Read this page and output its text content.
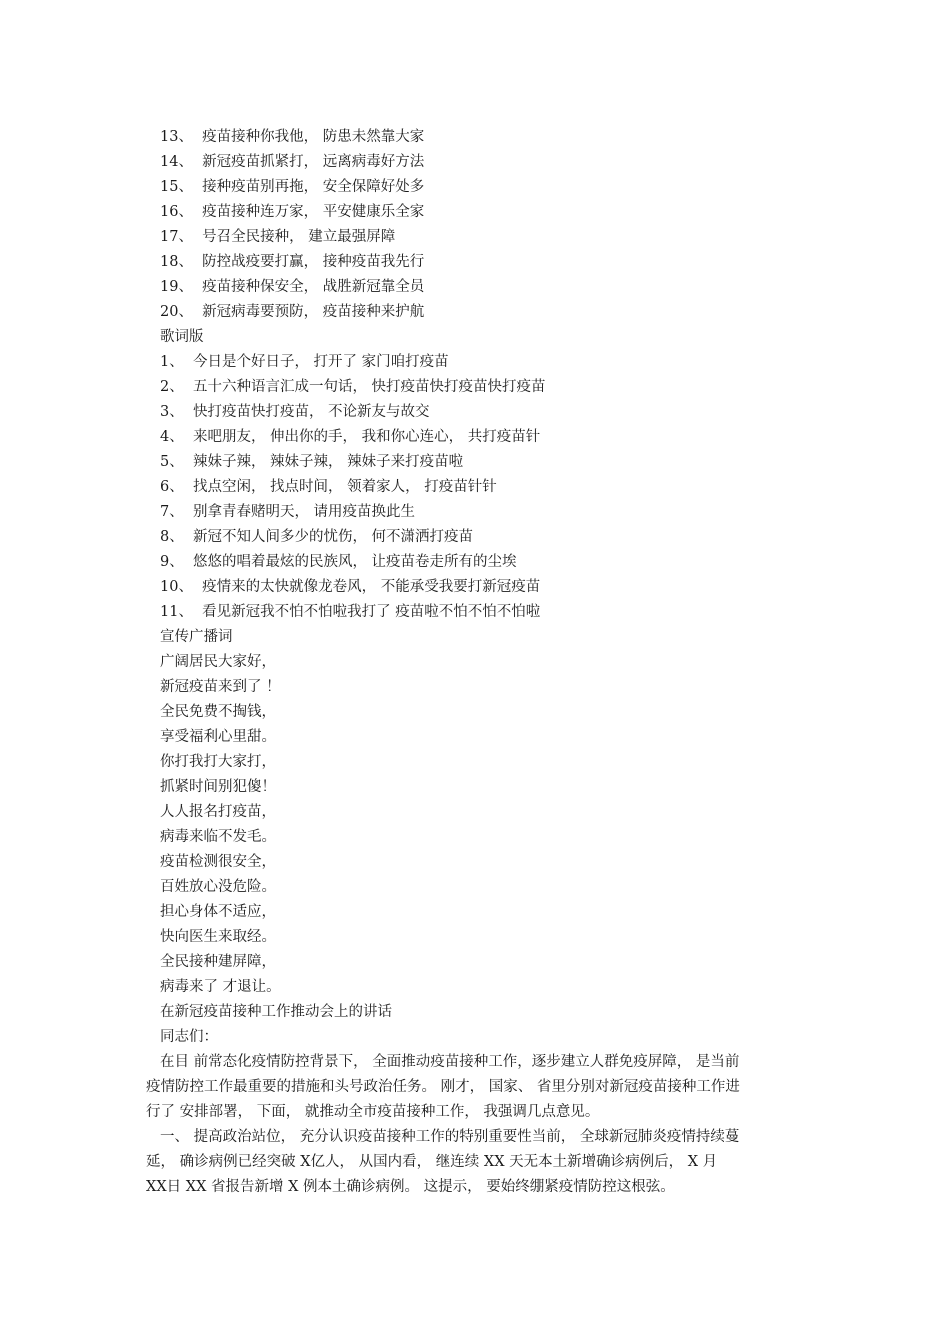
13、 疫苗接种你我他， 防患未然靠大家

14、 新冠疫苗抓紧打， 远离病毒好方法

15、 接种疫苗别再拖， 安全保障好处多

16、 疫苗接种连万家， 平安健康乐全家

17、 号召全民接种， 建立最强屏障

18、 防控战疫要打赢， 接种疫苗我先行

19、 疫苗接种保安全， 战胜新冠靠全员

20、 新冠病毒要预防， 疫苗接种来护航

歌词版

1、 今日是个好日子， 打开了 家门咱打疫苗

2、 五十六种语言汇成一句话， 快打疫苗快打疫苗快打疫苗

3、 快打疫苗快打疫苗， 不论新友与故交

4、 来吧朋友， 伸出你的手， 我和你心连心， 共打疫苗针

5、 辣妹子辣， 辣妹子辣， 辣妹子来打疫苗啦

6、 找点空闲， 找点时间， 领着家人， 打疫苗针针

7、 别拿青春赌明天， 请用疫苗换此生

8、 新冠不知人间多少的忧伤， 何不潇洒打疫苗

9、 悠悠的唱着最炫的民族风， 让疫苗卷走所有的尘埃

10、 疫情来的太快就像龙卷风， 不能承受我要打新冠疫苗

11、 看见新冠我不怕不怕啦我打了 疫苗啦不怕不怕不怕啦

宣传广播词

广阔居民大家好，

新冠疫苗来到了 ！

全民免费不掏钱，

享受福利心里甜。

你打我打大家打，

抓紧时间别犯傻！

人人报名打疫苗，

病毒来临不发毛。

疫苗检测很安全，

百姓放心没危险。

担心身体不适应，

快向医生来取经。

全民接种建屏障，

病毒来了 才退让。

在新冠疫苗接种工作推动会上的讲话

同志们：

在目 前常态化疫情防控背景下， 全面推动疫苗接种工作，逐步建立人群免疫屏障， 是当前

疫情防控工作最重要的措施和头号政治任务。 刚才， 国家、 省里分别对新冠疫苗接种工作进

行了 安排部署， 下面， 就推动全市疫苗接种工作， 我强调几点意见。

一、 提高政治站位， 充分认识疫苗接种工作的特别重要性当前， 全球新冠肺炎疫情持续蔓

延， 确诊病例已经突破 X亿人， 从国内看， 继连续 XX 天无本土新增确诊病例后， X 月

XX日 XX 省报告新增 X 例本土确诊病例。 这提示， 要始终绷紧疫情防控这根弦。
